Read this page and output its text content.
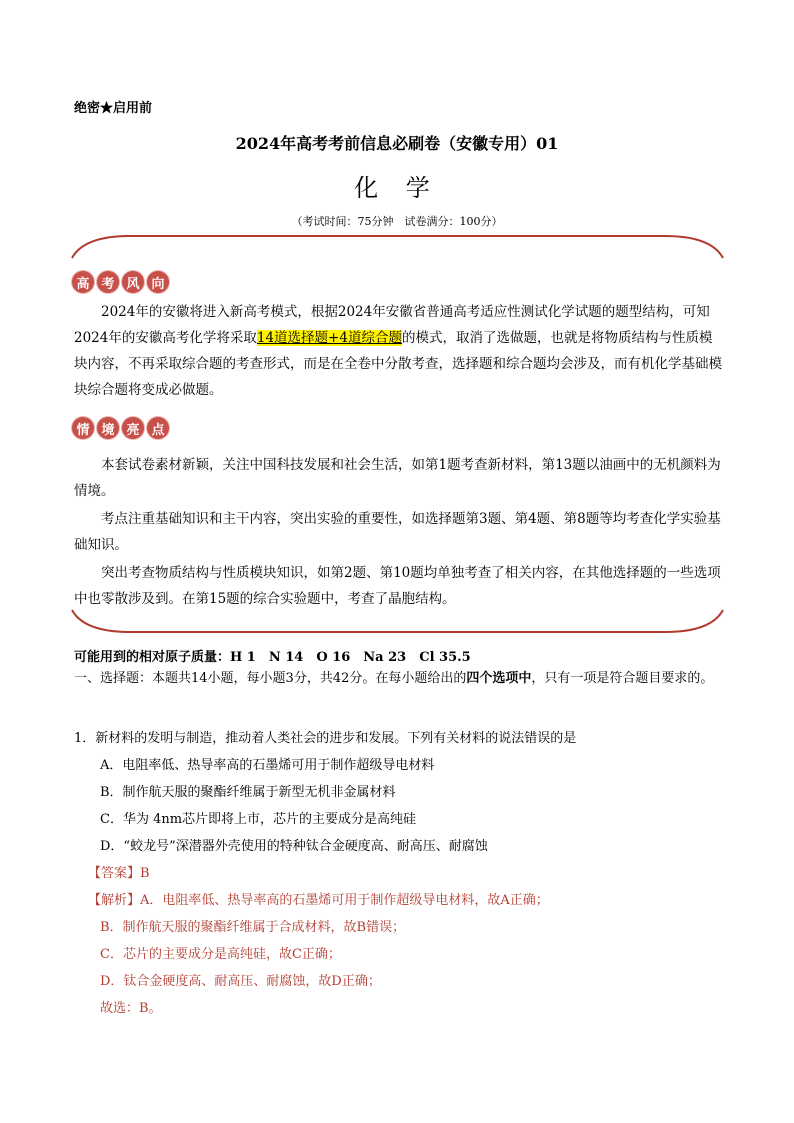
绝密★启用前
2024年高考考前信息必刷卷（安徽专用）01
化 学
（考试时间：75分钟　试卷满分：100分）
高 考 风 向
2024年的安徽将进入新高考模式，根据2024年安徽省普通高考适应性测试化学试题的题型结构，可知2024年的安徽高考化学将采取14道选择题+4道综合题的模式，取消了选做题，也就是将物质结构与性质模块内容，不再采取综合题的考查形式，而是在全卷中分散考查，选择题和综合题均会涉及，而有机化学基础模块综合题将变成必做题。
情 境 亮 点
本套试卷素材新颖，关注中国科技发展和社会生活，如第1题考查新材料，第13题以油画中的无机颜料为情境。
考点注重基础知识和主干内容，突出实验的重要性，如选择题第3题、第4题、第8题等均考查化学实验基础知识。
突出考查物质结构与性质模块知识，如第2题、第10题均单独考查了相关内容，在其他选择题的一些选项中也零散涉及到。在第15题的综合实验题中，考查了晶胞结构。
可能用到的相对原子质量：H 1　N 14　O 16　Na 23　Cl 35.5
一、选择题：本题共14小题，每小题3分，共42分。在每小题给出的四个选项中，只有一项是符合题目要求的。
1．新材料的发明与制造，推动着人类社会的进步和发展。下列有关材料的说法错误的是
A．电阻率低、热导率高的石墨烯可用于制作超级导电材料
B．制作航天服的聚酯纤维属于新型无机非金属材料
C．华为 4nm芯片即将上市，芯片的主要成分是高纯硅
D．“蛟龙号”深潜器外壳使用的特种钛合金硬度高、耐高压、耐腐蚀
【答案】B
【解析】A．电阻率低、热导率高的石墨烯可用于制作超级导电材料，故A正确；
B．制作航天服的聚酯纤维属于合成材料，故B错误；
C．芯片的主要成分是高纯硅，故C正确；
D．钛合金硬度高、耐高压、耐腐蚀，故D正确；
故选：B。
